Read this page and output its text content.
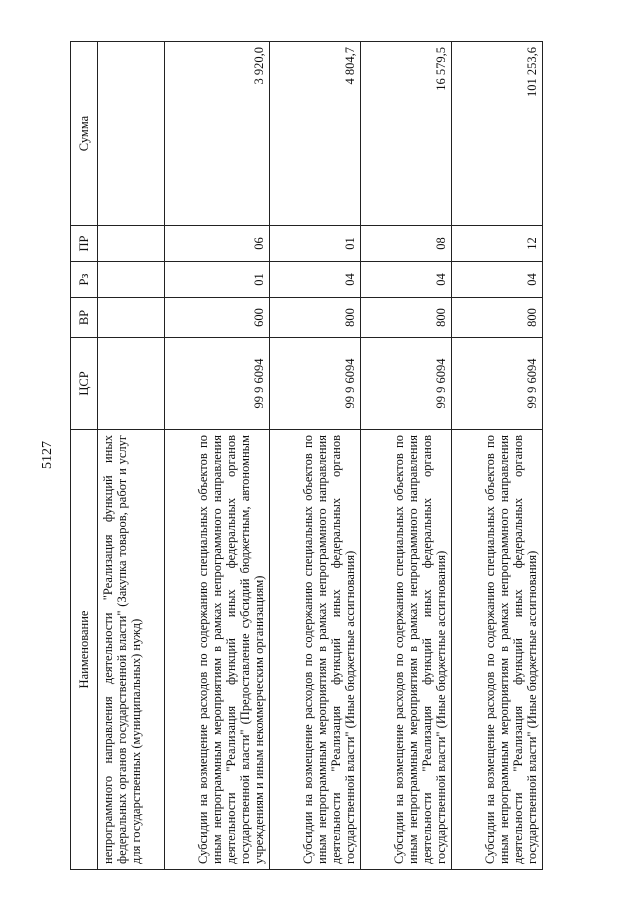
5127
Наименование	ЦСР	ВР	Рз	ПР	Сумма
непрограммного направления деятельности "Реализация функций иных федеральных органов государственной власти" (Закупка товаров, работ и услуг для государственных (муниципальных) нужд)					
Субсидии на возмещение расходов по содержанию специальных объектов по иным непрограммным мероприятиям в рамках непрограммного направления деятельности "Реализация функций иных федеральных органов государственной власти" (Предоставление субсидий бюджетным, автономным учреждениям и иным некоммерческим организациям)	99 9 6094	600	01	06	3 920,0
Субсидии на возмещение расходов по содержанию специальных объектов по иным непрограммным мероприятиям в рамках непрограммного направления деятельности "Реализация функций иных федеральных органов государственной власти" (Иные бюджетные ассигнования)	99 9 6094	800	04	01	4 804,7
Субсидии на возмещение расходов по содержанию специальных объектов по иным непрограммным мероприятиям в рамках непрограммного направления деятельности "Реализация функций иных федеральных органов государственной власти" (Иные бюджетные ассигнования)	99 9 6094	800	04	08	16 579,5
Субсидии на возмещение расходов по содержанию специальных объектов по иным непрограммным мероприятиям в рамках непрограммного направления деятельности "Реализация функций иных федеральных органов государственной власти" (Иные бюджетные ассигнования)	99 9 6094	800	04	12	101 253,6
